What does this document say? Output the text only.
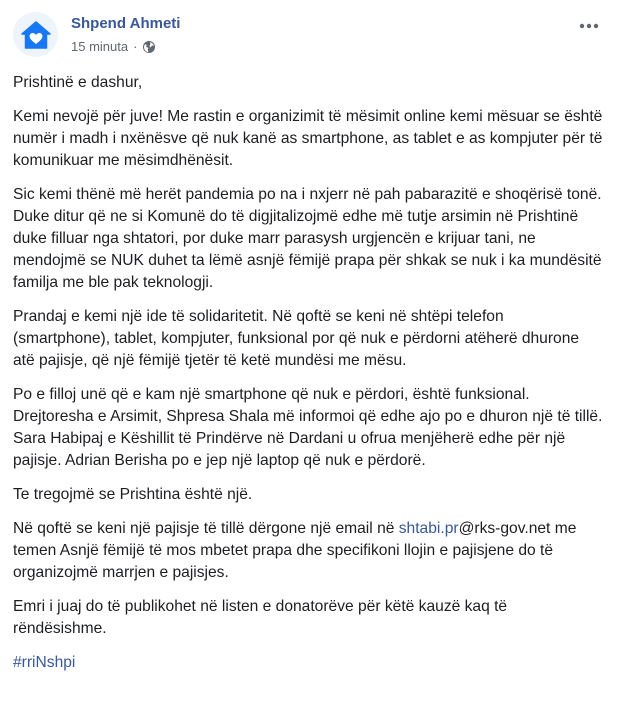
Shpend Ahmeti
15 minuta ·

Prishtinë e dashur,

Kemi nevojë për juve! Me rastin e organizimit të mësimit online kemi mësuar se është numër i madh i nxënësve që nuk kanë as smartphone, as tablet e as kompjuter për të komunikuar me mësimdhënësit.

Sic kemi thënë më herët pandemia po na i nxjerr në pah pabarazitë e shoqërisë tonë. Duke ditur që ne si Komunë do të digjitalizojmë edhe më tutje arsimin në Prishtinë duke filluar nga shtatori, por duke marr parasysh urgjencën e krijuar tani, ne mendojmë se NUK duhet ta lëmë asnjë fëmijë prapa për shkak se nuk i ka mundësitë familja me ble pak teknologji.

Prandaj e kemi një ide të solidaritetit. Në qoftë se keni në shtëpi telefon (smartphone), tablet, kompjuter, funksional por që nuk e përdorni atëherë dhurone atë pajisje, që një fëmijë tjetër të ketë mundësi me mësu.

Po e filloj unë që e kam një smartphone që nuk e përdori, është funksional. Drejtoresha e Arsimit, Shpresa Shala më informoi që edhe ajo po e dhuron një të tillë. Sara Habipaj e Këshillit të Prindërve në Dardani u ofrua menjëherë edhe për një pajisje. Adrian Berisha po e jep një laptop që nuk e përdorë.

Te tregojmë se Prishtina është një.

Në qoftë se keni një pajisje të tillë dërgone një email në shtabi.pr@rks-gov.net me temen Asnjë fëmijë të mos mbetet prapa dhe specifikoni llojin e pajisjene do të organizojmë marrjen e pajisjes.

Emri i juaj do të publikohet në listen e donatorëve për këtë kauzë kaq të rëndësishme.

#rriNshpi
